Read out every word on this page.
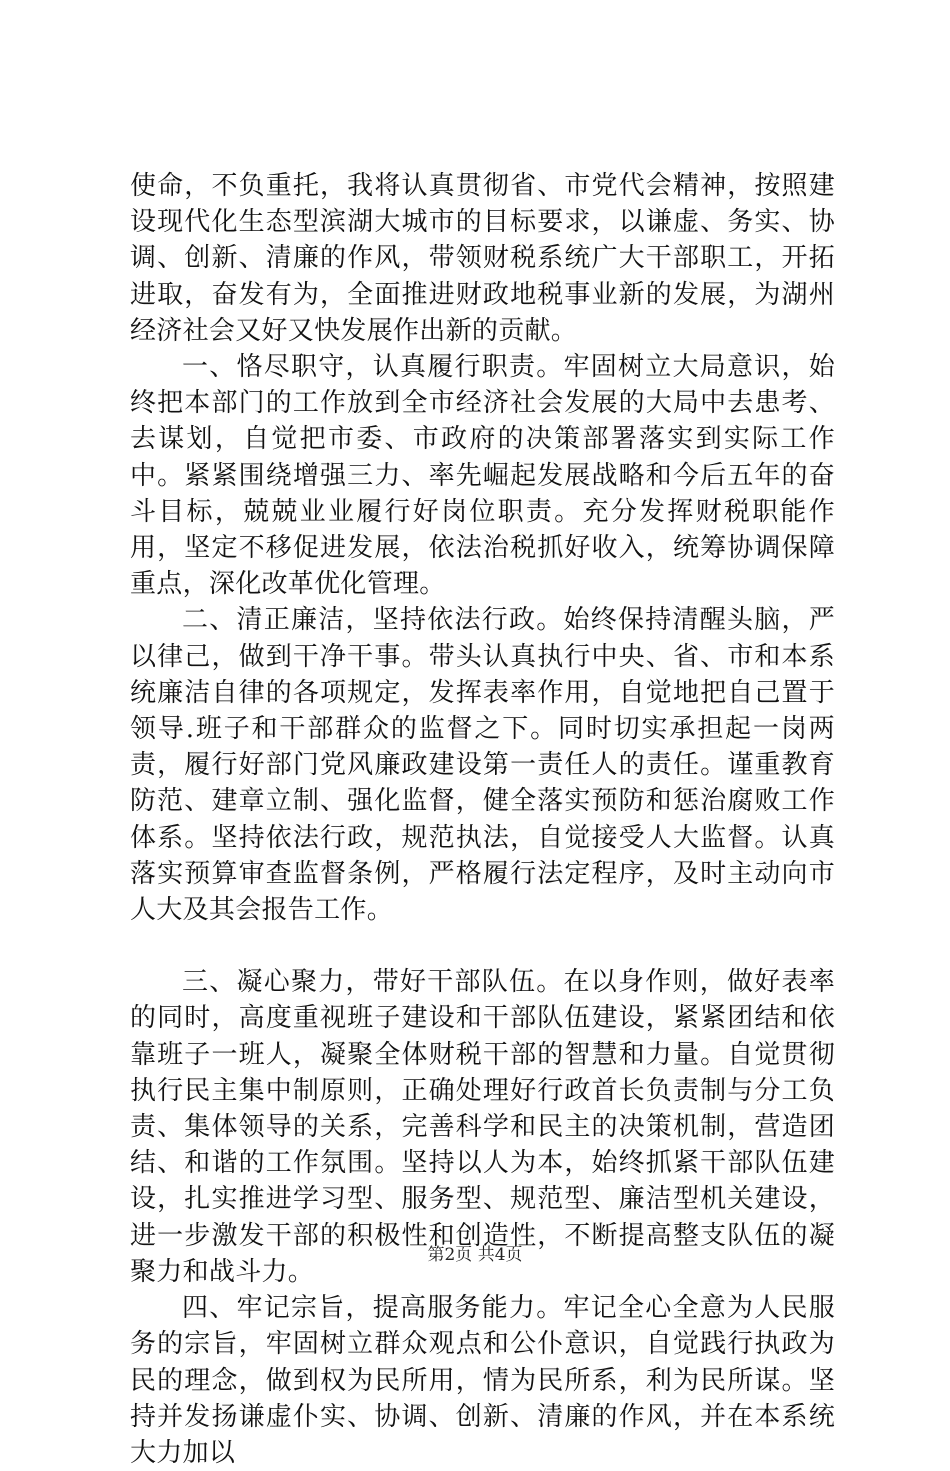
使命，不负重托，我将认真贯彻省、市党代会精神，按照建设现代化生态型滨湖大城市的目标要求，以谦虚、务实、协调、创新、清廉的作风，带领财税系统广大干部职工，开拓进取，奋发有为，全面推进财政地税事业新的发展，为湖州经济社会又好又快发展作出新的贡献。

一、恪尽职守，认真履行职责。牢固树立大局意识，始终把本部门的工作放到全市经济社会发展的大局中去患考、去谋划，自觉把市委、市政府的决策部署落实到实际工作中。紧紧围绕增强三力、率先崛起发展战略和今后五年的奋斗目标，兢兢业业履行好岗位职责。充分发挥财税职能作用，坚定不移促进发展，依法治税抓好收入，统筹协调保障重点，深化改革优化管理。

二、清正廉洁，坚持依法行政。始终保持清醒头脑，严以律己，做到干净干事。带头认真执行中央、省、市和本系统廉洁自律的各项规定，发挥表率作用，自觉地把自己置于领导.班子和干部群众的监督之下。同时切实承担起一岗两责，履行好部门党风廉政建设第一责任人的责任。谨重教育防范、建章立制、强化监督，健全落实预防和惩治腐败工作体系。坚持依法行政，规范执法，自觉接受人大监督。认真落实预算审查监督条例，严格履行法定程序，及时主动向市人大及其会报告工作。

三、凝心聚力，带好干部队伍。在以身作则，做好表率的同时，高度重视班子建设和干部队伍建设，紧紧团结和依靠班子一班人，凝聚全体财税干部的智慧和力量。自觉贯彻执行民主集中制原则，正确处理好行政首长负责制与分工负责、集体领导的关系，完善科学和民主的决策机制，营造团结、和谐的工作氛围。坚持以人为本，始终抓紧干部队伍建设，扎实推进学习型、服务型、规范型、廉洁型机关建设，进一步激发干部的积极性和创造性，不断提高整支队伍的凝聚力和战斗力。

四、牢记宗旨，提高服务能力。牢记全心全意为人民服务的宗旨，牢固树立群众观点和公仆意识，自觉践行执政为民的理念，做到权为民所用，情为民所系，利为民所谋。坚持并发扬谦虚仆实、协调、创新、清廉的作风，并在本系统大力加以

第2页 共4页
